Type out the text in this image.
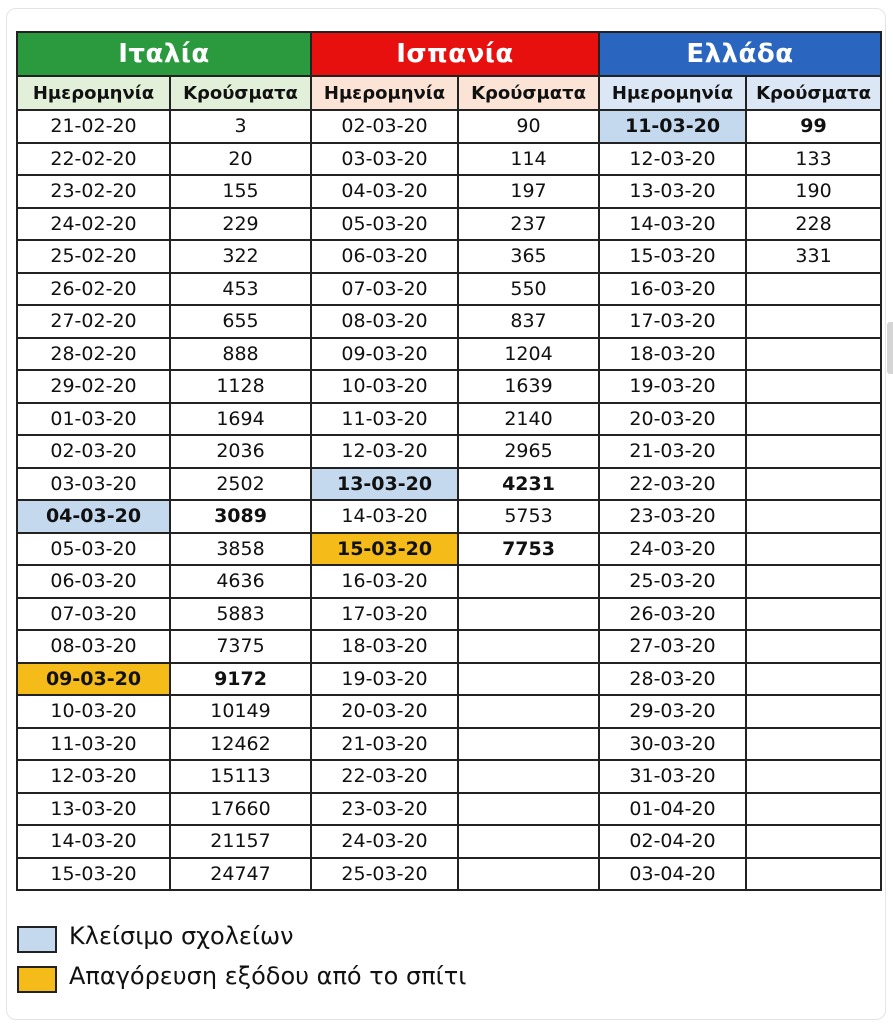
Ιταλία		Ισπανία		Ελλάδα	
Ημερομηνία	Κρούσματα	Ημερομηνία	Κρούσματα	Ημερομηνία	Κρούσματα
21-02-20	3	02-03-20	90	11-03-20	99
22-02-20	20	03-03-20	114	12-03-20	133
23-02-20	155	04-03-20	197	13-03-20	190
24-02-20	229	05-03-20	237	14-03-20	228
25-02-20	322	06-03-20	365	15-03-20	331
26-02-20	453	07-03-20	550	16-03-20	
27-02-20	655	08-03-20	837	17-03-20	
28-02-20	888	09-03-20	1204	18-03-20	
29-02-20	1128	10-03-20	1639	19-03-20	
01-03-20	1694	11-03-20	2140	20-03-20	
02-03-20	2036	12-03-20	2965	21-03-20	
03-03-20	2502	13-03-20	4231	22-03-20	
04-03-20	3089	14-03-20	5753	23-03-20	
05-03-20	3858	15-03-20	7753	24-03-20	
06-03-20	4636	16-03-20		25-03-20	
07-03-20	5883	17-03-20		26-03-20	
08-03-20	7375	18-03-20		27-03-20	
09-03-20	9172	19-03-20		28-03-20	
10-03-20	10149	20-03-20		29-03-20	
11-03-20	12462	21-03-20		30-03-20	
12-03-20	15113	22-03-20		31-03-20	
13-03-20	17660	23-03-20		01-04-20	
14-03-20	21157	24-03-20		02-04-20	
15-03-20	24747	25-03-20		03-04-20	
Κλείσιμο σχολείων
Απαγόρευση εξόδου από το σπίτι
